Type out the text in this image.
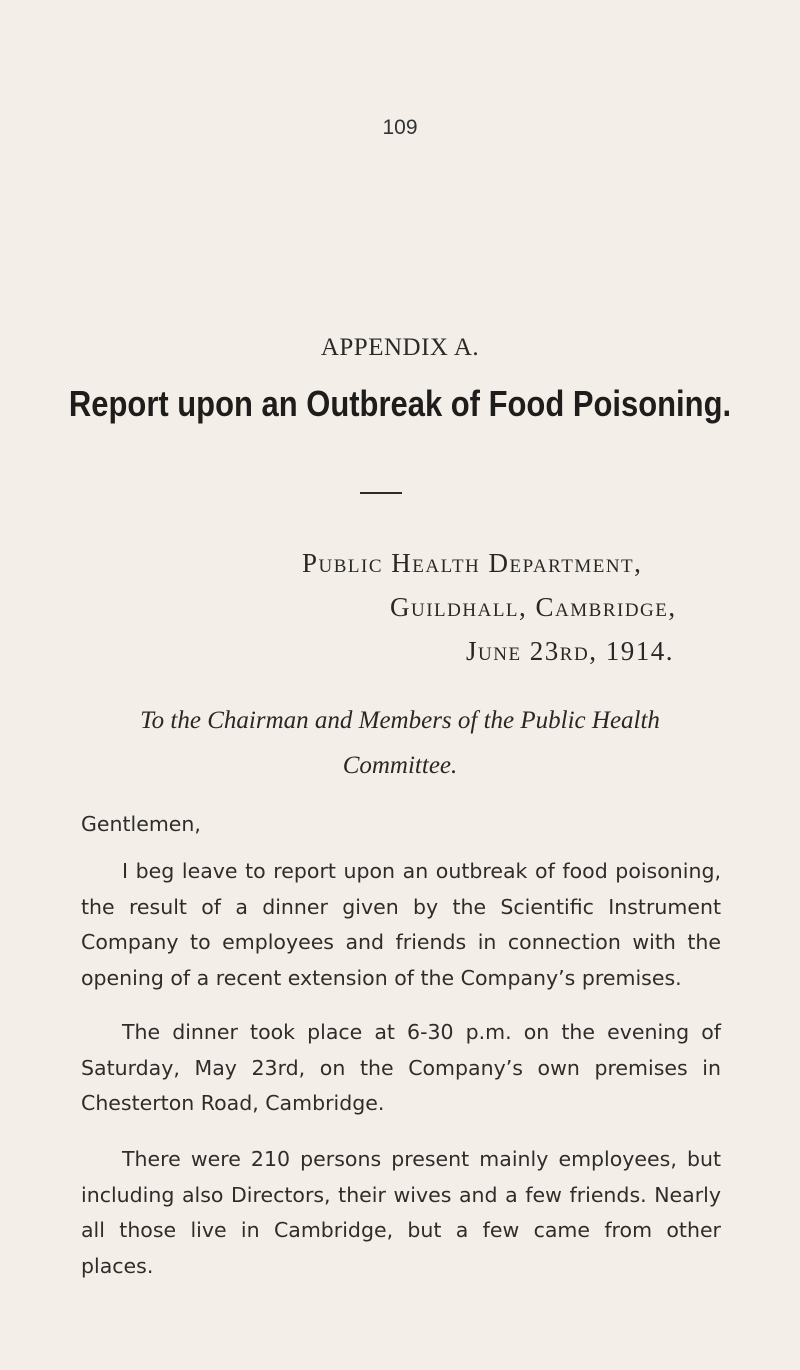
109
APPENDIX A.
Report upon an Outbreak of Food Poisoning.
Public Health Department,
Guildhall, Cambridge,
June 23rd, 1914.
To the Chairman and Members of the Public Health
Committee.
Gentlemen,
I beg leave to report upon an outbreak of food poisoning, the result of a dinner given by the Scientific Instrument Company to employees and friends in connection with the opening of a recent extension of the Company’s premises.
The dinner took place at 6-30 p.m. on the evening of Saturday, May 23rd, on the Company’s own premises in Chesterton Road, Cambridge.
There were 210 persons present mainly employees, but including also Directors, their wives and a few friends. Nearly all those live in Cambridge, but a few came from other places.
